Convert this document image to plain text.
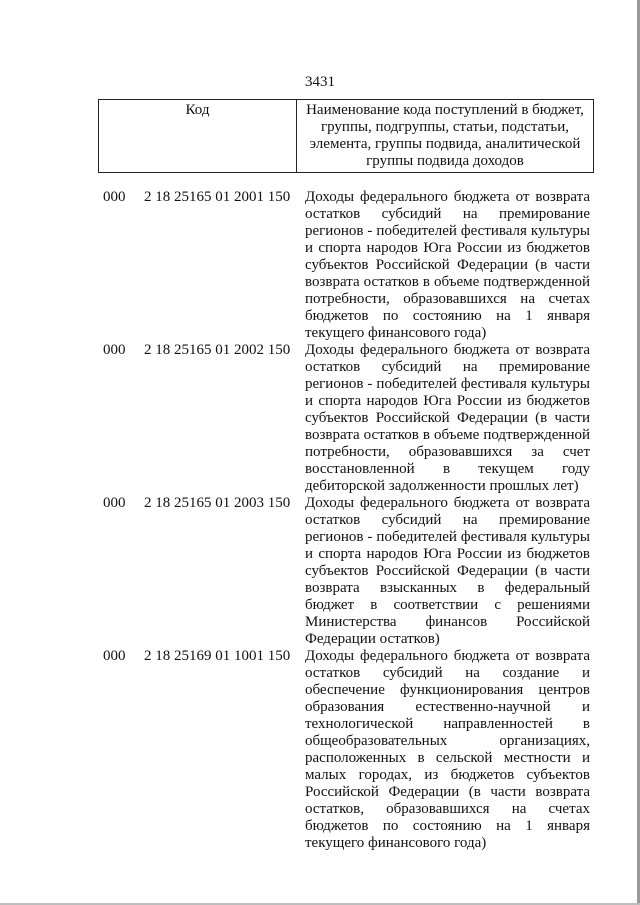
3431
Код	Наименование кода поступлений в бюджет, группы, подгруппы, статьи, подстатьи, элемента, группы подвида, аналитической группы подвида доходов
000	2 18 25165 01 2001 150 Доходы федерального бюджета от возврата остатков субсидий на премирование регионов - победителей фестиваля культуры и спорта народов Юга России из бюджетов субъектов Российской Федерации (в части возврата остатков в объеме подтвержденной потребности, образовавшихся на счетах бюджетов по состоянию на 1 января текущего финансового года)
000	2 18 25165 01 2002 150 Доходы федерального бюджета от возврата остатков субсидий на премирование регионов - победителей фестиваля культуры и спорта народов Юга России из бюджетов субъектов Российской Федерации (в части возврата остатков в объеме подтвержденной потребности, образовавшихся за счет восстановленной в текущем году дебиторской задолженности прошлых лет)
000	2 18 25165 01 2003 150 Доходы федерального бюджета от возврата остатков субсидий на премирование регионов - победителей фестиваля культуры и спорта народов Юга России из бюджетов субъектов Российской Федерации (в части возврата взысканных в федеральный бюджет в соответствии с решениями Министерства финансов Российской Федерации остатков)
000	2 18 25169 01 1001 150 Доходы федерального бюджета от возврата остатков субсидий на создание и обеспечение функционирования центров образования естественно-научной и технологической направленностей в общеобразовательных организациях, расположенных в сельской местности и малых городах, из бюджетов субъектов Российской Федерации (в части возврата остатков, образовавшихся на счетах бюджетов по состоянию на 1 января текущего финансового года)
